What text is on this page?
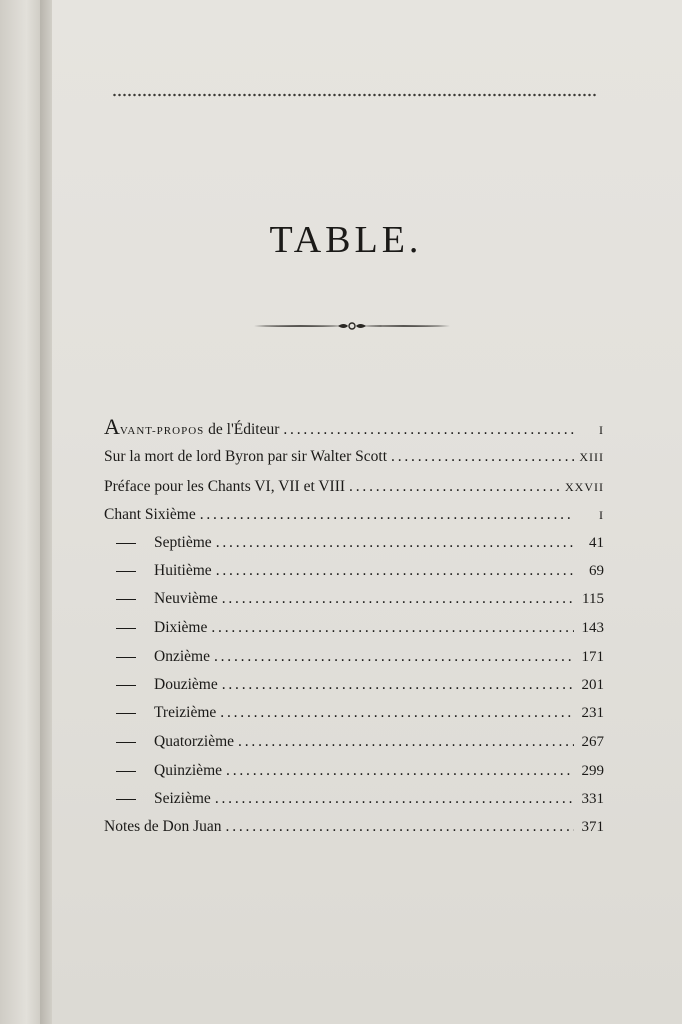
TABLE.
AVANT-PROPOS de l'Éditeur .....	I
Sur la mort de lord Byron par sir Walter Scott .....	XIII
Préface pour les Chants VI, VII et VIII .....	XXVII
Chant Sixième .....	I
Septième .....	41
Huitième .....	69
Neuvième .....	115
Dixième .....	143
Onzième .....	171
Douzième .....	201
Treizième .....	231
Quatorzième .....	267
Quinzième .....	299
Seizième .....	331
Notes de Don Juan .....	371
